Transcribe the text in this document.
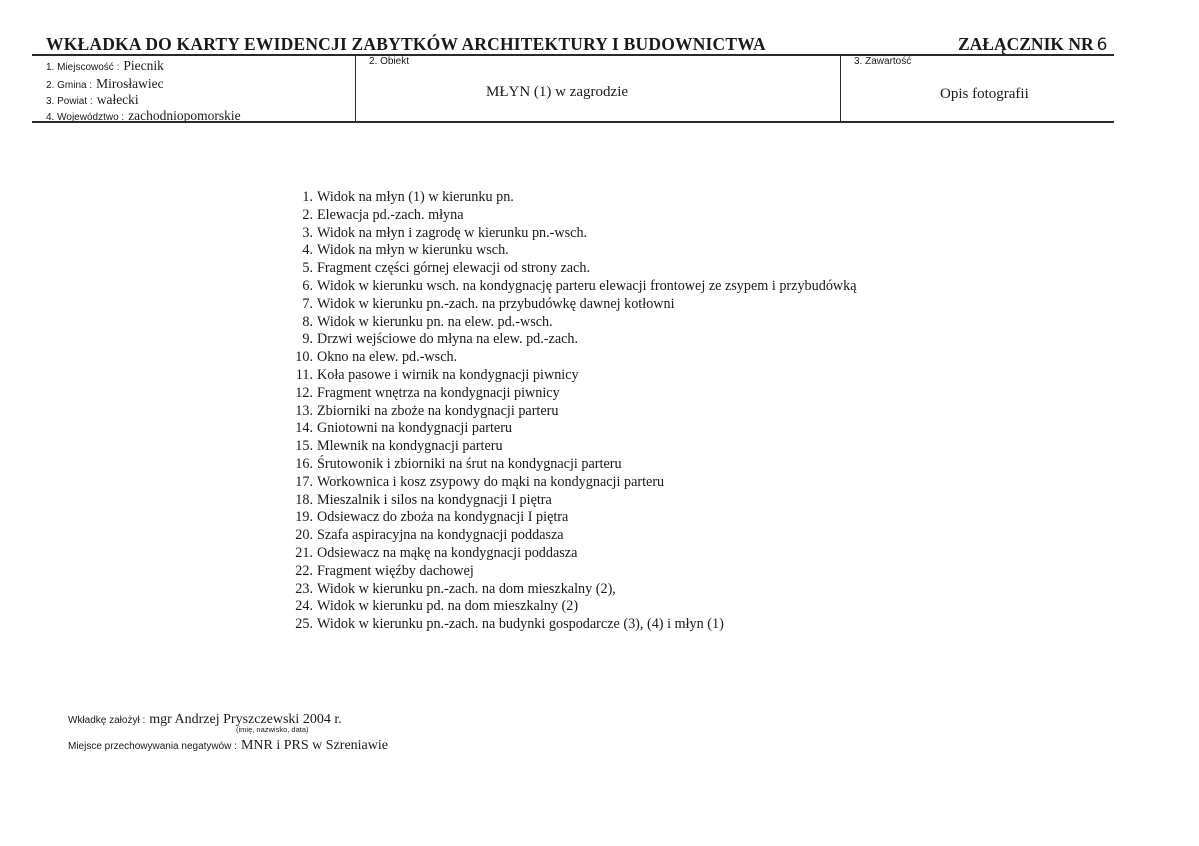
WKŁADKA DO KARTY EWIDENCJI ZABYTKÓW ARCHITEKTURY I BUDOWNICTWA	ZAŁĄCZNIK NR 6
1. Miejscowość : Piecnik
2. Gmina : Mirosławiec
3. Powiat : wałecki
4. Województwo : zachodniopomorskie
2. Obiekt
MŁYN (1) w zagrodzie
3. Zawartość
Opis fotografii
1. Widok na młyn (1) w kierunku pn.
2. Elewacja pd.-zach. młyna
3. Widok na młyn i zagrodę w kierunku pn.-wsch.
4. Widok na młyn w kierunku wsch.
5. Fragment części górnej elewacji od strony zach.
6. Widok w kierunku wsch. na kondygnację parteru elewacji frontowej ze zsypem i przybudówką
7. Widok w kierunku pn.-zach. na przybudówkę dawnej kotłowni
8. Widok w kierunku pn. na elew. pd.-wsch.
9. Drzwi wejściowe do młyna na elew. pd.-zach.
10. Okno na elew. pd.-wsch.
11. Koła pasowe i wirnik na kondygnacji piwnicy
12. Fragment wnętrza na kondygnacji piwnicy
13. Zbiorniki na zboże na kondygnacji parteru
14. Gniotowni na kondygnacji parteru
15. Mlewnik na kondygnacji parteru
16. Śrutowonik i zbiorniki na śrut na kondygnacji parteru
17. Workownica i kosz zsypowy do mąki na kondygnacji parteru
18. Mieszalnik i silos na kondygnacji I piętra
19. Odsiewacz do zboża na kondygnacji I piętra
20. Szafa aspiracyjna na kondygnacji poddasza
21. Odsiewacz na mąkę na kondygnacji poddasza
22. Fragment więźby dachowej
23. Widok w kierunku pn.-zach. na dom mieszkalny (2),
24. Widok w kierunku pd. na dom mieszkalny (2)
25. Widok w kierunku pn.-zach. na budynki gospodarcze (3), (4) i młyn (1)
Wkładkę założył : mgr Andrzej Pryszczewski 2004 r.
(imię, nazwisko, data)
Miejsce przechowywania negatywów : MNR i PRS w Szreniawie
